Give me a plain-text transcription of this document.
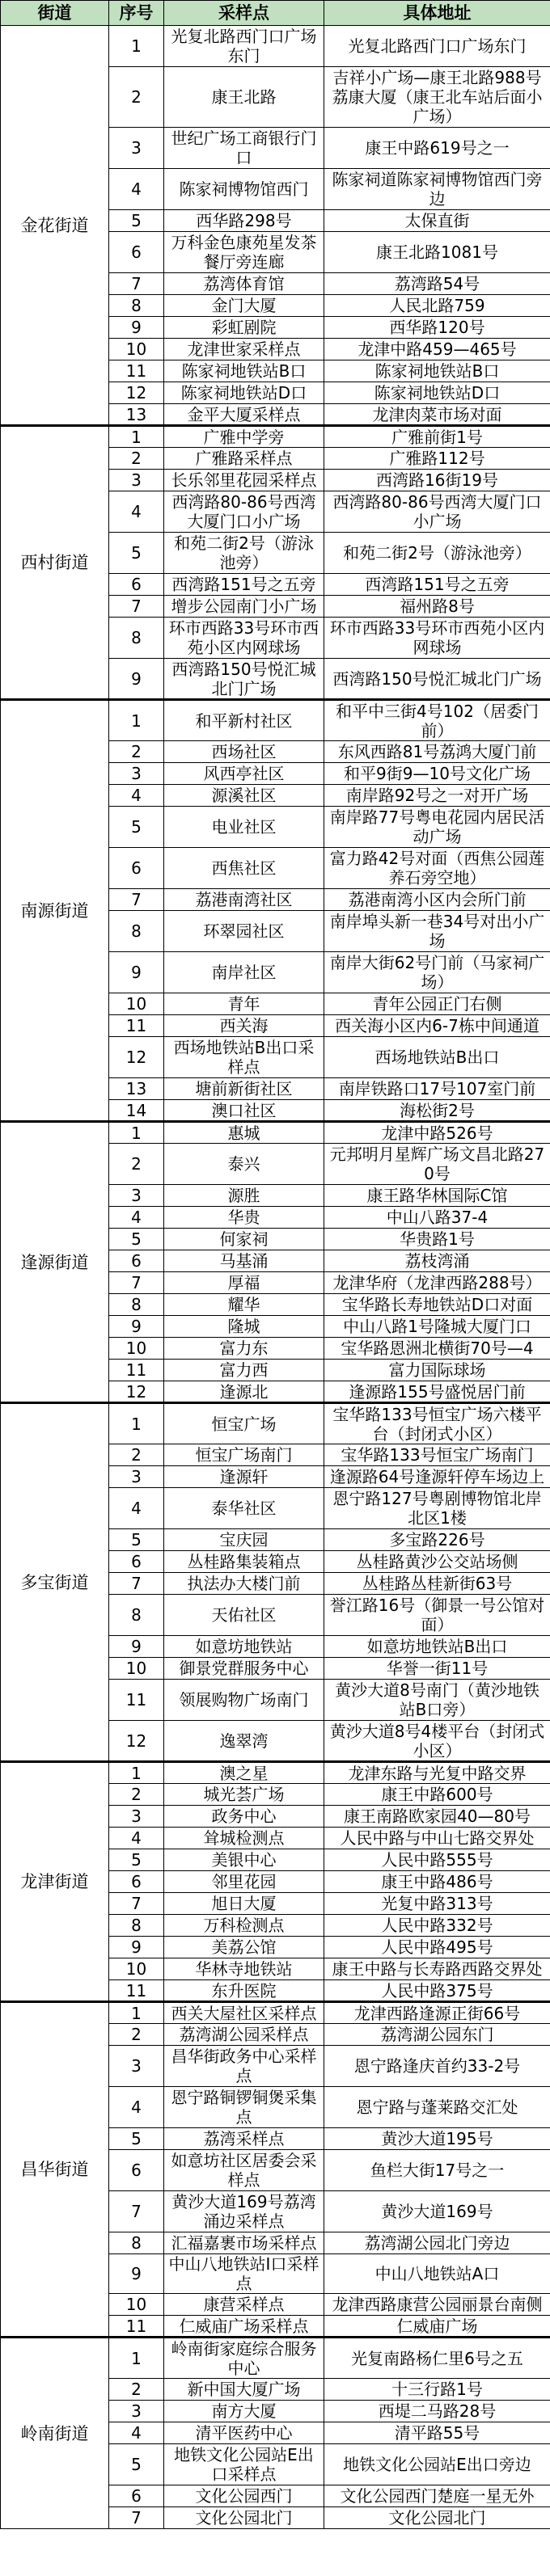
街道	序号	采样点	具体地址
金花街道	1	光复北路西门口广场东门	光复北路西门口广场东门
	2	康王北路	吉祥小广场—康王北路988号荔康大厦（康王北车站后面小广场）
	3	世纪广场工商银行门口	康王中路619号之一
	4	陈家祠博物馆西门	陈家祠道陈家祠博物馆西门旁边
	5	西华路298号	太保直街
	6	万科金色康苑星发茶餐厅旁连廊	康王北路1081号
	7	荔湾体育馆	荔湾路54号
	8	金门大厦	人民北路759
	9	彩虹剧院	西华路120号
	10	龙津世家采样点	龙津中路459—465号
	11	陈家祠地铁站B口	陈家祠地铁站B口
	12	陈家祠地铁站D口	陈家祠地铁站D口
	13	金平大厦采样点	龙津肉菜市场对面
西村街道	1	广雅中学旁	广雅前街1号
	2	广雅路采样点	广雅路112号
	3	长乐邻里花园采样点	西湾路16街19号
	4	西湾路80-86号西湾大厦门口小广场	西湾路80-86号西湾大厦门口小广场
	5	和苑二街2号（游泳池旁）	和苑二街2号（游泳池旁）
	6	西湾路151号之五旁	西湾路151号之五旁
	7	增步公园南门小广场	福州路8号
	8	环市西路33号环市西苑小区内网球场	环市西路33号环市西苑小区内网球场
	9	西湾路150号悦汇城北门广场	西湾路150号悦汇城北门广场
南源街道	1	和平新村社区	和平中三街4号102（居委门前）
	2	西场社区	东风西路81号荔鸿大厦门前
	3	风西亭社区	和平9街9—10号文化广场
	4	源溪社区	南岸路92号之一对开广场
	5	电业社区	南岸路77号粤电花园内居民活动广场
	6	西焦社区	富力路42号对面（西焦公园莲养石旁空地）
	7	荔港南湾社区	荔港南湾小区内会所门前
	8	环翠园社区	南岸埠头新一巷34号对出小广场
	9	南岸社区	南岸大街62号门前（马家祠广场）
	10	青年	青年公园正门右侧
	11	西关海	西关海小区内6-7栋中间通道
	12	西场地铁站B出口采样点	西场地铁站B出口
	13	塘前新街社区	南岸铁路口17号107室门前
	14	澳口社区	海松街2号
逢源街道	1	惠城	龙津中路526号
	2	泰兴	元邦明月星辉广场文昌北路270号
	3	源胜	康王路华林国际C馆
	4	华贵	中山八路37-4
	5	何家祠	华贵路1号
	6	马基涌	荔枝湾涌
	7	厚福	龙津华府（龙津西路288号）
	8	耀华	宝华路长寿地铁站D口对面
	9	隆城	中山八路1号隆城大厦门口
	10	富力东	宝华路恩洲北横街70号—4
	11	富力西	富力国际球场
	12	逢源北	逢源路155号盛悦居门前
多宝街道	1	恒宝广场	宝华路133号恒宝广场六楼平台（封闭式小区）
	2	恒宝广场南门	宝华路133号恒宝广场南门
	3	逢源轩	逢源路64号逢源轩停车场边上
	4	泰华社区	恩宁路127号粤剧博物馆北岸北区1楼
	5	宝庆园	多宝路226号
	6	丛桂路集装箱点	丛桂路黄沙公交站场侧
	7	执法办大楼门前	丛桂路丛桂新街63号
	8	天佑社区	誉江路16号（御景一号公馆对面）
	9	如意坊地铁站	如意坊地铁站B出口
	10	御景党群服务中心	华誉一街11号
	11	领展购物广场南门	黄沙大道8号南门（黄沙地铁站B口旁）
	12	逸翠湾	黄沙大道8号4楼平台（封闭式小区）
龙津街道	1	澳之星	龙津东路与光复中路交界
	2	城光荟广场	康王中路600号
	3	政务中心	康王南路欧家园40—80号
	4	耸城检测点	人民中路与中山七路交界处
	5	美银中心	人民中路555号
	6	邻里花园	康王中路486号
	7	旭日大厦	光复中路313号
	8	万科检测点	人民中路332号
	9	美荔公馆	人民中路495号
	10	华林寺地铁站	康王中路与长寿路西路交界处
	11	东升医院	人民中路375号
昌华街道	1	西关大屋社区采样点	龙津西路逢源正街66号
	2	荔湾湖公园采样点	荔湾湖公园东门
	3	昌华街政务中心采样点	恩宁路逢庆首约33-2号
	4	恩宁路铜锣铜煲采集点	恩宁路与蓬莱路交汇处
	5	荔湾采样点	黄沙大道195号
	6	如意坊社区居委会采样点	鱼栏大街17号之一
	7	黄沙大道169号荔湾涌边采样点	黄沙大道169号
	8	汇福嘉裹市场采样点	荔湾湖公园北门旁边
	9	中山八地铁站I口采样点	中山八地铁站A口
	10	康营采样点	龙津西路康营公园丽景台南侧
	11	仁威庙广场采样点	仁威庙广场
岭南街道	1	岭南街家庭综合服务中心	光复南路杨仁里6号之五
	2	新中国大厦广场	十三行路1号
	3	南方大厦	西堤二马路28号
	4	清平医药中心	清平路55号
	5	地铁文化公园站E出口采样点	地铁文化公园站E出口旁边
	6	文化公园西门	文化公园西门楚庭一星无外
	7	文化公园北门	文化公园北门
